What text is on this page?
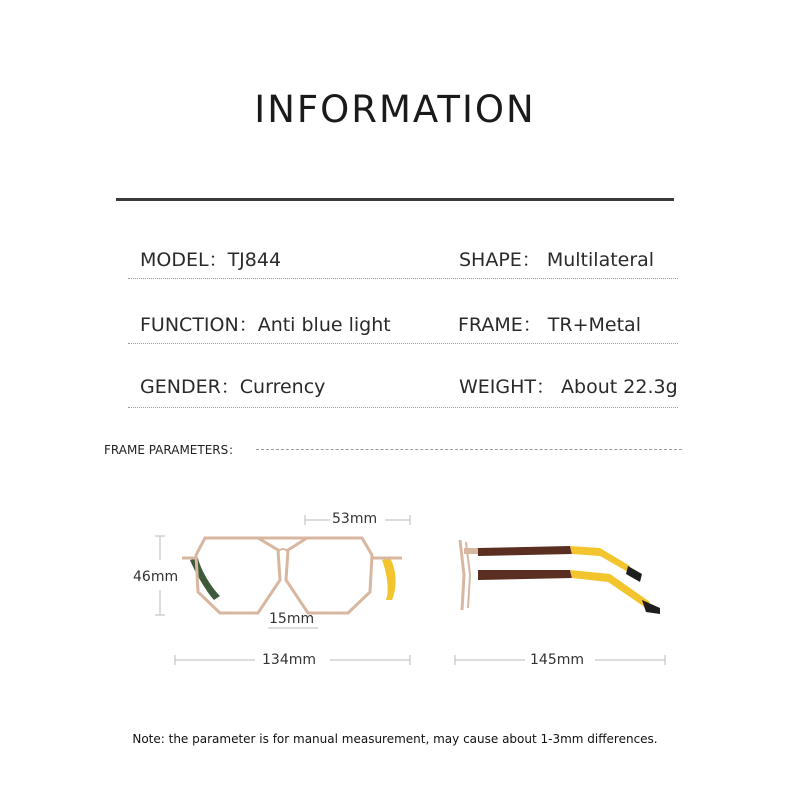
INFORMATION
MODEL：TJ844	SHAPE： Multilateral
FUNCTION：Anti blue light	FRAME： TR+Metal
GENDER：Currency	WEIGHT： About 22.3g
FRAME PARAMETERS：
53mm
46mm
15mm
134mm	145mm
Note: the parameter is for manual measurement, may cause about 1-3mm differences.
